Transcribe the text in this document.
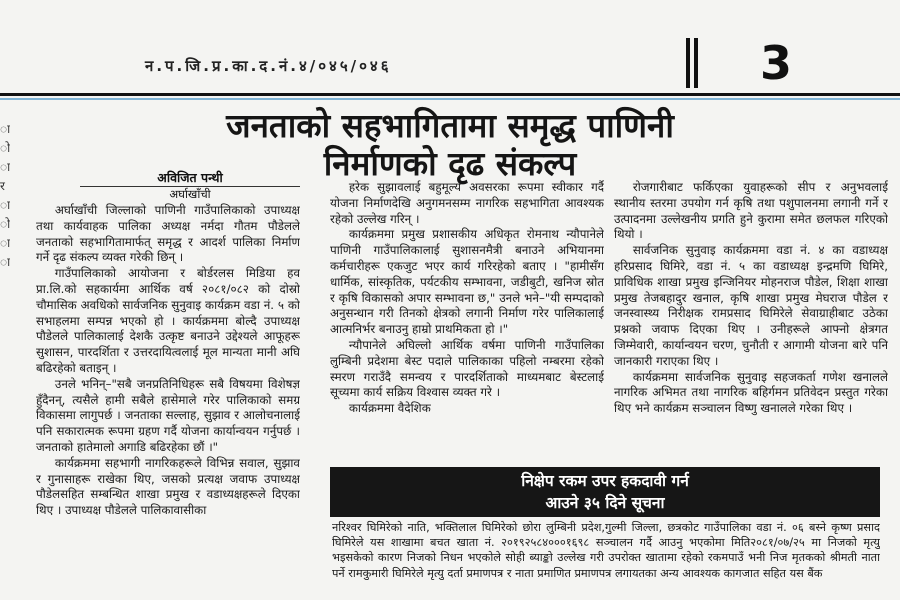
न.प.जि.प्र.का.द.नं.४/०४५/०४६	3
जनताको सहभागितामा समृद्ध पाणिनी
निर्माणको दृढ संकल्प
ा ो ा र ा ो ा ा
अविजित पन्थी
अर्घाखाँची

अर्घाखाँची जिल्लाको पाणिनी गाउँपालिकाको उपाध्यक्ष तथा कार्यवाहक पालिका अध्यक्ष नर्मदा गौतम पौडेलले जनताको सहभागितामार्फत् समृद्ध र आदर्श पालिका निर्माण गर्ने दृढ संकल्प व्यक्त गरेकी छिन् ।

गाउँपालिकाको आयोजना र बोर्डरलस मिडिया हव प्रा.लि.को सहकार्यमा आर्थिक वर्ष २०८१/०८२ को दोस्रो चौमासिक अवधिको सार्वजनिक सुनुवाइ कार्यक्रम वडा नं. ५ को सभाहलमा सम्पन्न भएको हो । कार्यक्रममा बोल्दै उपाध्यक्ष पौडेलले पालिकालाई देशकै उत्कृष्ट बनाउने उद्देश्यले आफूहरू सुशासन, पारदर्शिता र उत्तरदायित्वलाई मूल मान्यता मानी अघि बढिरहेको बताइन् ।

उनले भनिन्–"सबै जनप्रतिनिधिहरू सबै विषयमा विशेषज्ञ हुँदैनन्, त्यसैले हामी सबैले हासेमाले गरेर पालिकाको समग्र विकासमा लागुपर्छ । जनताका सल्लाह, सुझाव र आलोचनालाई पनि सकारात्मक रूपमा ग्रहण गर्दै योजना कार्यान्वयन गर्नुपर्छ । जनताको हातेमालो अगाडि बढिरहेका छौं ।"

कार्यक्रममा सहभागी नागरिकहरूले विभिन्न सवाल, सुझाव र गुनासाहरू राखेका थिए, जसको प्रत्यक्ष जवाफ उपाध्यक्ष पौडेलसहित सम्बन्धित शाखा प्रमुख र वडाध्यक्षहरूले दिएका थिए । उपाध्यक्ष पौडेलले पालिकावासीका

हरेक सुझावलाई बहुमूल्य अवसरका रूपमा स्वीकार गर्दै योजना निर्माणदेखि अनुगमनसम्म नागरिक सहभागिता आवश्यक रहेको उल्लेख गरिन् ।

कार्यक्रममा प्रमुख प्रशासकीय अधिकृत रोमनाथ न्यौपानेले पाणिनी गाउँपालिकालाई सुशासनमैत्री बनाउने अभियानमा कर्मचारीहरू एकजुट भएर कार्य गरिरहेको बताए । "हामीसँग धार्मिक, सांस्कृतिक, पर्यटकीय सम्भावना, जडीबुटी, खनिज स्रोत र कृषि विकासको अपार सम्भावना छ," उनले भने–"यी सम्पदाको अनुसन्धान गरी तिनको क्षेत्रको लगानी निर्माण गरेर पालिकालाई आत्मनिर्भर बनाउनु हाम्रो प्राथमिकता हो ।"

न्यौपानेले अघिल्लो आर्थिक वर्षमा पाणिनी गाउँपालिका लुम्बिनी प्रदेशमा बेस्ट पदाले पालिकाका पहिलो नम्बरमा रहेको स्मरण गराउँदै समन्वय र पारदर्शिताको माध्यमबाट बेस्टलाई सूच्यमा कार्य सक्रिय विश्वास व्यक्त गरे ।

कार्यक्रममा वैदेशिक

रोजगारीबाट फर्किएका युवाहरूको सीप र अनुभवलाई स्थानीय स्तरमा उपयोग गर्न कृषि तथा पशुपालनमा लगानी गर्ने र उत्पादनमा उल्लेखनीय प्रगति हुने कुरामा समेत छलफल गरिएको थियो ।

सार्वजनिक सुनुवाइ कार्यक्रममा वडा नं. ४ का वडाध्यक्ष हरिप्रसाद घिमिरे, वडा नं. ५ का वडाध्यक्ष इन्द्रमणि घिमिरे, प्राविधिक शाखा प्रमुख इन्जिनियर मोहनराज पौडेल, शिक्षा शाखा प्रमुख तेजबहादुर खनाल, कृषि शाखा प्रमुख मेघराज पौडेल र जनस्वास्थ्य निरीक्षक रामप्रसाद घिमिरेले सेवाग्राहीबाट उठेका प्रश्नको जवाफ दिएका थिए । उनीहरूले आफ्नो क्षेत्रगत जिम्मेवारी, कार्यान्वयन चरण, चुनौती र आगामी योजना बारे पनि जानकारी गराएका थिए ।

कार्यक्रममा सार्वजनिक सुनुवाइ सहजकर्ता गणेश खनालले नागरिक अभिमत तथा नागरिक बहिर्गमन प्रतिवेदन प्रस्तुत गरेका थिए भने कार्यक्रम सञ्चालन विष्णु खनालले गरेका थिए ।

निक्षेप रकम उपर हकदावी गर्न
आउने ३५ दिने सूचना

नरिश्वर घिमिरेको नाति, भक्तिलाल घिमिरेको छोरा लुम्बिनी प्रदेश,गुल्मी जिल्ला, छत्रकोट गाउँपालिका वडा नं. ०६ बस्ने कृष्ण प्रसाद घिमिरेले यस शाखामा बचत खाता नं. २०१९२५८४०००१६९८ सञ्चालन गर्दै आउनु भएकोमा मिति२०८१/०७/२५ मा निजको मृत्यु भइसकेको कारण निजको निधन भएकोले सोही ब्याङ्को उल्लेख गरी उपरोक्त खातामा रहेको रकमपाउँ भनी निज मृतकको श्रीमती नाता पर्ने रामकुमारी घिमिरेले मृत्यु दर्ता प्रमाणपत्र र नाता प्रमाणित प्रमाणपत्र लगायतका अन्य आवश्यक कागजात सहित यस बैंक
